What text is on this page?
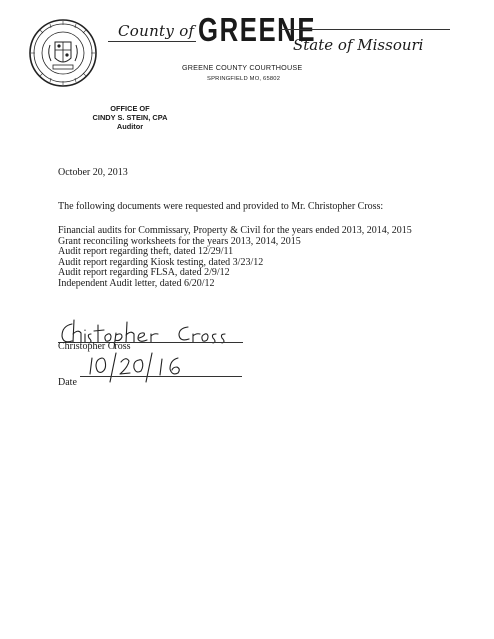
County of GREENE
State of Missouri
GREENE COUNTY COURTHOUSE
SPRINGFIELD MO, 65802
OFFICE OF
CINDY S. STEIN, CPA
Auditor
October 20, 2013
The following documents were requested and provided to Mr. Christopher Cross:
Financial audits for Commissary, Property & Civil for the years ended 2013, 2014, 2015
Grant reconciling worksheets for the years 2013, 2014, 2015
Audit report regarding theft, dated 12/29/11
Audit report regarding Kiosk testing, dated 3/23/12
Audit report regarding FLSA, dated 2/9/12
Independent Audit letter, dated 6/20/12
Christopher Cross
Date
